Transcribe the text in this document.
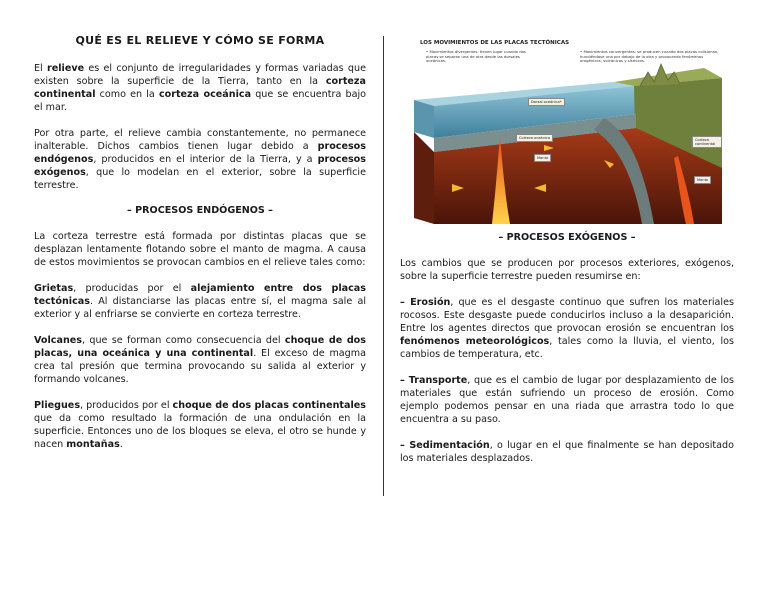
QUÉ ES EL RELIEVE Y CÓMO SE FORMA

El relieve es el conjunto de irregularidades y formas variadas que existen sobre la superficie de la Tierra, tanto en la corteza continental como en la corteza oceánica que se encuentra bajo el mar.

Por otra parte, el relieve cambia constantemente, no permanece inalterable. Dichos cambios tienen lugar debido a procesos endógenos, producidos en el interior de la Tierra, y a procesos exógenos, que lo modelan en el exterior, sobre la superficie terrestre.

– PROCESOS ENDÓGENOS –

La corteza terrestre está formada por distintas placas que se desplazan lentamente flotando sobre el manto de magma. A causa de estos movimientos se provocan cambios en el relieve tales como:

Grietas, producidas por el alejamiento entre dos placas tectónicas. Al distanciarse las placas entre sí, el magma sale al exterior y al enfriarse se convierte en corteza terrestre.

Volcanes, que se forman como consecuencia del choque de dos placas, una oceánica y una continental. El exceso de magma crea tal presión que termina provocando su salida al exterior y formando volcanes.

Pliegues, producidos por el choque de dos placas continentales que da como resultado la formación de una ondulación en la superficie. Entonces uno de los bloques se eleva, el otro se hunde y nacen montañas.

LOS MOVIMIENTOS DE LAS PLACAS TECTÓNICAS
• Movimientos divergentes: tienen lugar cuando dos placas se separan una de otra desde las dorsales oceánicas.
• Movimientos convergentes: se producen cuando dos placas colisionan, hundiéndose una por debajo de la otra y provocando fenómenos orogénicos, volcánicos y sísmicos.
Dorsal oceánica*
Corteza oceánica
Manto
Corteza continental
Manto
– PROCESOS EXÓGENOS –

Los cambios que se producen por procesos exteriores, exógenos, sobre la superficie terrestre pueden resumirse en:

– Erosión, que es el desgaste continuo que sufren los materiales rocosos. Este desgaste puede conducirlos incluso a la desaparición. Entre los agentes directos que provocan erosión se encuentran los fenómenos meteorológicos, tales como la lluvia, el viento, los cambios de temperatura, etc.

– Transporte, que es el cambio de lugar por desplazamiento de los materiales que están sufriendo un proceso de erosión. Como ejemplo podemos pensar en una riada que arrastra todo lo que encuentra a su paso.

– Sedimentación, o lugar en el que finalmente se han depositado los materiales desplazados.
